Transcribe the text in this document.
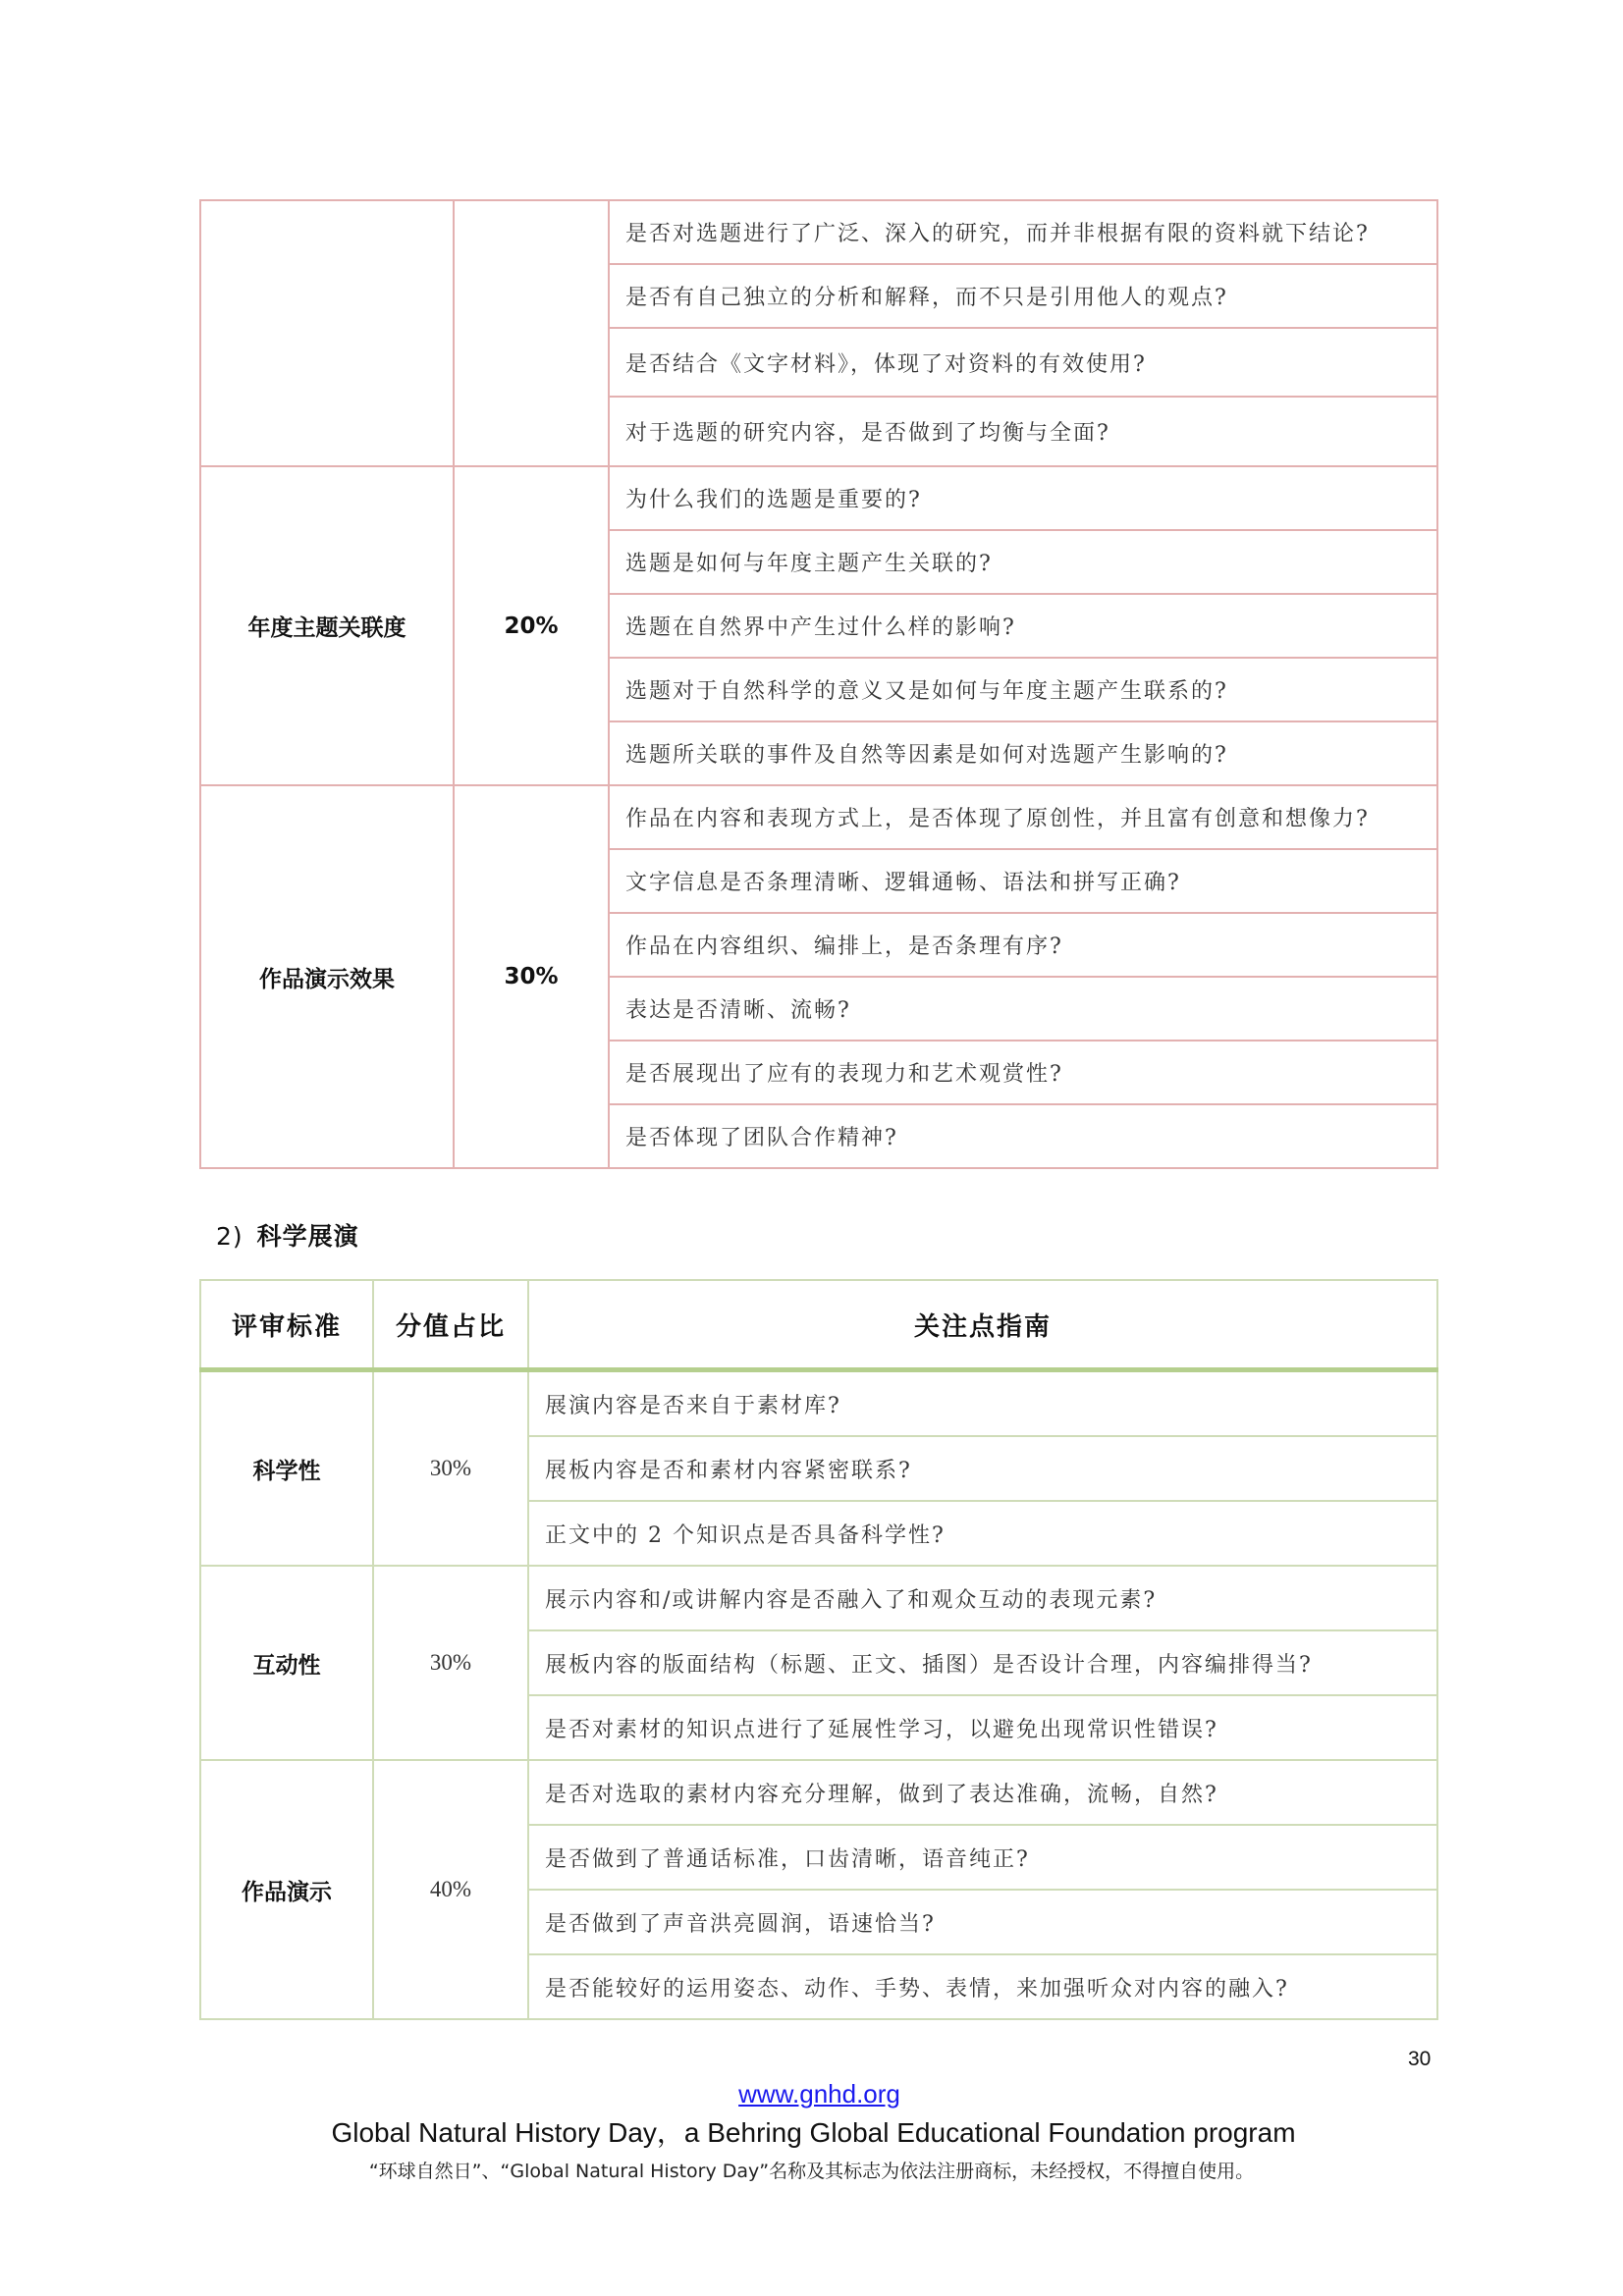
		是否对选题进行了广泛、深入的研究，而并非根据有限的资料就下结论?
		是否有自己独立的分析和解释，而不只是引用他人的观点?
		是否结合《文字材料》，体现了对资料的有效使用?
		对于选题的研究内容，是否做到了均衡与全面?
年度主题关联度	20%	为什么我们的选题是重要的?
		选题是如何与年度主题产生关联的?
		选题在自然界中产生过什么样的影响?
		选题对于自然科学的意义又是如何与年度主题产生联系的?
		选题所关联的事件及自然等因素是如何对选题产生影响的?
作品演示效果	30%	作品在内容和表现方式上，是否体现了原创性，并且富有创意和想像力?
		文字信息是否条理清晰、逻辑通畅、语法和拼写正确?
		作品在内容组织、编排上，是否条理有序?
		表达是否清晰、流畅?
		是否展现出了应有的表现力和艺术观赏性?
		是否体现了团队合作精神?
2) 科学展演
评审标准	分值占比	关注点指南
科学性	30%	展演内容是否来自于素材库?
		展板内容是否和素材内容紧密联系?
		正文中的 2 个知识点是否具备科学性?
互动性	30%	展示内容和/或讲解内容是否融入了和观众互动的表现元素?
		展板内容的版面结构（标题、正文、插图）是否设计合理，内容编排得当?
		是否对素材的知识点进行了延展性学习，以避免出现常识性错误?
作品演示	40%	是否对选取的素材内容充分理解，做到了表达准确，流畅，自然?
		是否做到了普通话标准，口齿清晰，语音纯正?
		是否做到了声音洪亮圆润，语速恰当?
		是否能较好的运用姿态、动作、手势、表情，来加强听众对内容的融入?
30
www.gnhd.org
Global Natural History Day，a Behring Global Educational Foundation program
“环球自然日”、“Global Natural History Day”名称及其标志为依法注册商标，未经授权，不得擅自使用。
